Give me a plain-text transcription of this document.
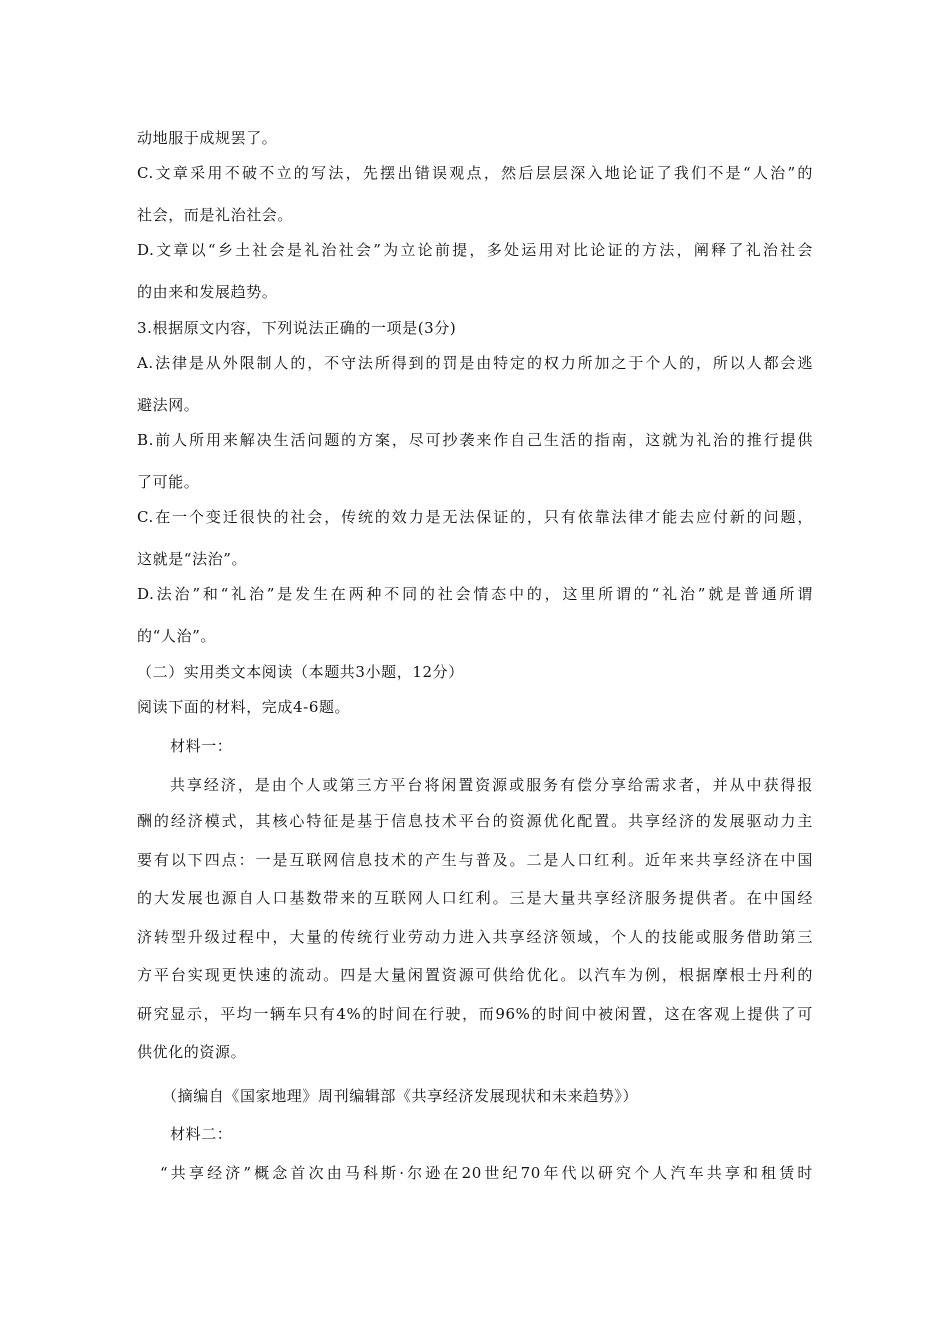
动地服于成规罢了。
C.文章采用不破不立的写法，先摆出错误观点，然后层层深入地论证了我们不是“人治”的
社会，而是礼治社会。
D.文章以“乡土社会是礼治社会”为立论前提，多处运用对比论证的方法，阐释了礼治社会
的由来和发展趋势。
3.根据原文内容，下列说法正确的一项是(3分)
A.法律是从外限制人的，不守法所得到的罚是由特定的权力所加之于个人的，所以人都会逃
避法网。
B.前人所用来解决生活问题的方案，尽可抄袭来作自己生活的指南，这就为礼治的推行提供
了可能。
C.在一个变迁很快的社会，传统的效力是无法保证的，只有依靠法律才能去应付新的问题，
这就是“法治”。
D.法治”和“礼治”是发生在两种不同的社会情态中的，这里所谓的“礼治”就是普通所谓
的“人治”。
（二）实用类文本阅读（本题共3小题，12分）
阅读下面的材料，完成4-6题。
材料一：
共享经济，是由个人或第三方平台将闲置资源或服务有偿分享给需求者，并从中获得报
酬的经济模式，其核心特征是基于信息技术平台的资源优化配置。共享经济的发展驱动力主
要有以下四点：一是互联网信息技术的产生与普及。二是人口红利。近年来共享经济在中国
的大发展也源自人口基数带来的互联网人口红利。三是大量共享经济服务提供者。在中国经
济转型升级过程中，大量的传统行业劳动力进入共享经济领域，个人的技能或服务借助第三
方平台实现更快速的流动。四是大量闲置资源可供给优化。以汽车为例，根据摩根士丹利的
研究显示，平均一辆车只有4%的时间在行驶，而96%的时间中被闲置，这在客观上提供了可
供优化的资源。
（摘编自《国家地理》周刊编辑部《共享经济发展现状和未来趋势》）
材料二：
“共享经济”概念首次由马科斯·尔逊在20世纪70年代以研究个人汽车共享和租赁时
